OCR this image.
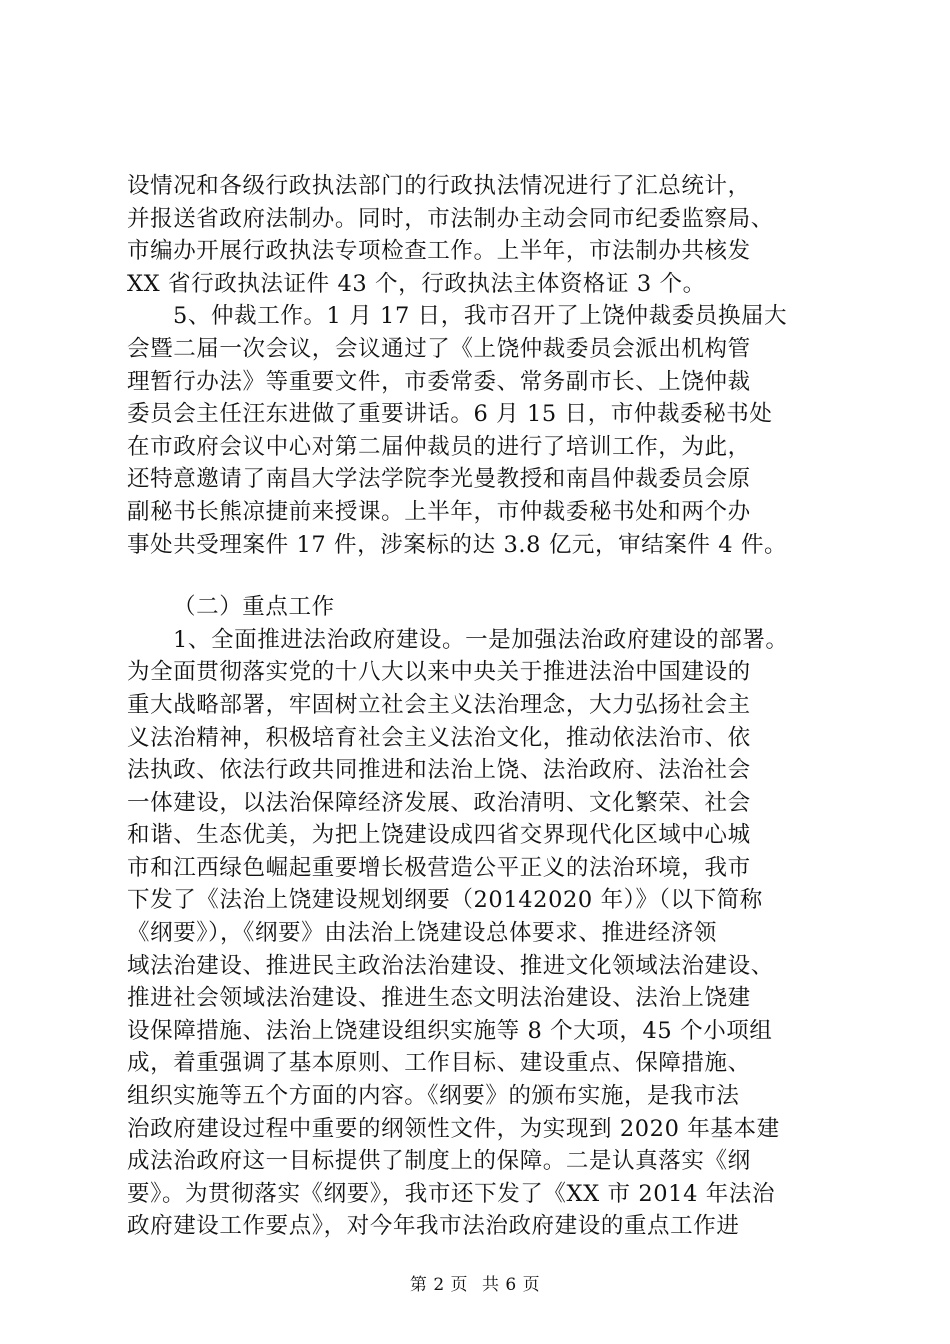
设情况和各级行政执法部门的行政执法情况进行了汇总统计，
并报送省政府法制办。同时，市法制办主动会同市纪委监察局、
市编办开展行政执法专项检查工作。上半年，市法制办共核发
XX 省行政执法证件 43 个，行政执法主体资格证 3 个。
5、仲裁工作。1 月 17 日，我市召开了上饶仲裁委员换届大
会暨二届一次会议，会议通过了《上饶仲裁委员会派出机构管
理暂行办法》等重要文件，市委常委、常务副市长、上饶仲裁
委员会主任汪东进做了重要讲话。6 月 15 日，市仲裁委秘书处
在市政府会议中心对第二届仲裁员的进行了培训工作，为此，
还特意邀请了南昌大学法学院李光曼教授和南昌仲裁委员会原
副秘书长熊凉捷前来授课。上半年，市仲裁委秘书处和两个办
事处共受理案件 17 件，涉案标的达 3.8 亿元，审结案件 4 件。
（二）重点工作
1、全面推进法治政府建设。一是加强法治政府建设的部署。
为全面贯彻落实党的十八大以来中央关于推进法治中国建设的
重大战略部署，牢固树立社会主义法治理念，大力弘扬社会主
义法治精神，积极培育社会主义法治文化，推动依法治市、依
法执政、依法行政共同推进和法治上饶、法治政府、法治社会
一体建设，以法治保障经济发展、政治清明、文化繁荣、社会
和谐、生态优美，为把上饶建设成四省交界现代化区域中心城
市和江西绿色崛起重要增长极营造公平正义的法治环境，我市
下发了《法治上饶建设规划纲要（20142020 年）》（以下简称
《纲要》），《纲要》由法治上饶建设总体要求、推进经济领
域法治建设、推进民主政治法治建设、推进文化领域法治建设、
推进社会领域法治建设、推进生态文明法治建设、法治上饶建
设保障措施、法治上饶建设组织实施等 8 个大项，45 个小项组
成，着重强调了基本原则、工作目标、建设重点、保障措施、
组织实施等五个方面的内容。《纲要》的颁布实施，是我市法
治政府建设过程中重要的纲领性文件，为实现到 2020 年基本建
成法治政府这一目标提供了制度上的保障。二是认真落实《纲
要》。为贯彻落实《纲要》，我市还下发了《XX 市 2014 年法治
政府建设工作要点》，对今年我市法治政府建设的重点工作进
第 2 页 共 6 页
